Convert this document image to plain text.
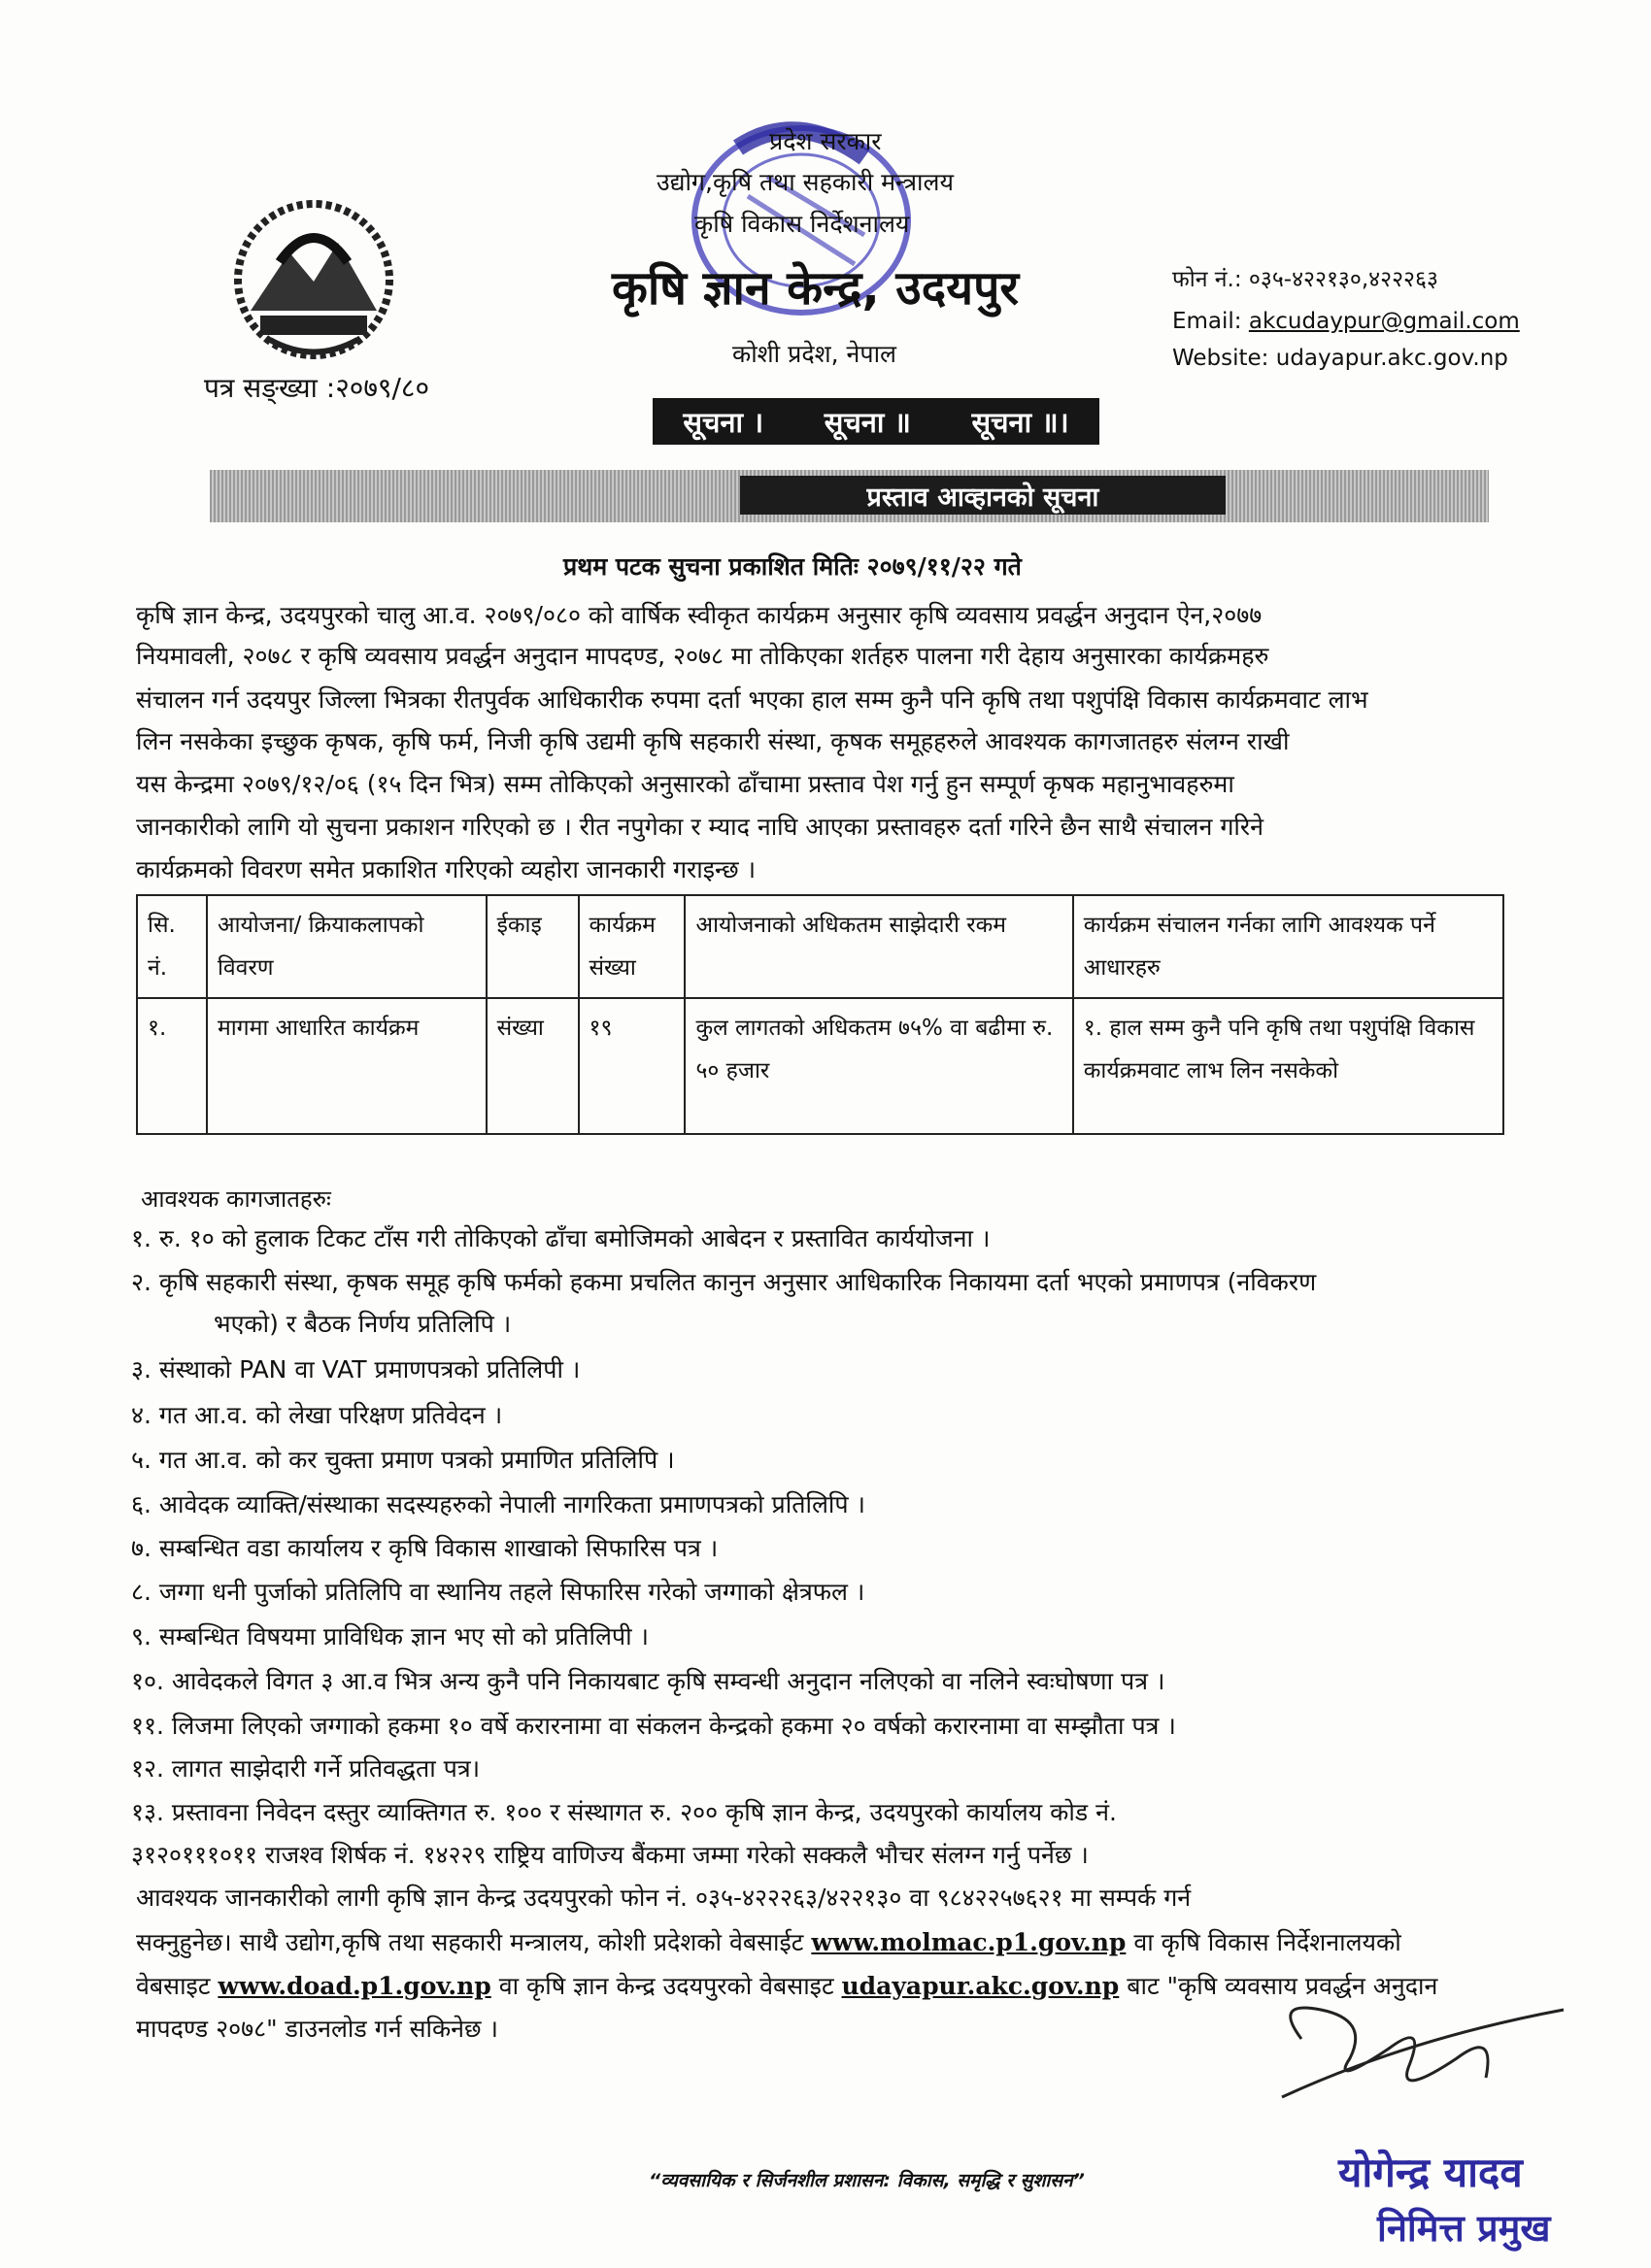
प्रदेश सरकार
उद्योग,कृषि तथा सहकारी मन्त्रालय
कृषि विकास निर्देशनालय
कृषि ज्ञान केन्द्र, उदयपुर
कोशी प्रदेश, नेपाल
पत्र सङ्ख्या :२०७९/८०
फोन नं.: ०३५-४२२१३०,४२२२६३
Email: akcudaypur@gmail.com
Website: udayapur.akc.gov.np
सूचना । सूचना ॥ सूचना ॥।
प्रस्ताव आव्हानको सूचना
प्रथम पटक सुचना प्रकाशित मितिः २०७९/११/२२ गते
कृषि ज्ञान केन्द्र, उदयपुरको चालु आ.व. २०७९/०८० को वार्षिक स्वीकृत कार्यक्रम अनुसार कृषि व्यवसाय प्रवर्द्धन अनुदान ऐन,२०७७
नियमावली, २०७८ र कृषि व्यवसाय प्रवर्द्धन अनुदान मापदण्ड, २०७८ मा तोकिएका शर्तहरु पालना गरी देहाय अनुसारका कार्यक्रमहरु
संचालन गर्न उदयपुर जिल्ला भित्रका रीतपुर्वक आधिकारीक रुपमा दर्ता भएका हाल सम्म कुनै पनि कृषि तथा पशुपंक्षि विकास कार्यक्रमवाट लाभ
लिन नसकेका इच्छुक कृषक, कृषि फर्म, निजी कृषि उद्यमी कृषि सहकारी संस्था, कृषक समूहहरुले आवश्यक कागजातहरु संलग्न राखी
यस केन्द्रमा २०७९/१२/०६ (१५ दिन भित्र) सम्म तोकिएको अनुसारको ढाँचामा प्रस्ताव पेश गर्नु हुन सम्पूर्ण कृषक महानुभावहरुमा
जानकारीको लागि यो सुचना प्रकाशन गरिएको छ । रीत नपुगेका र म्याद नाघि आएका प्रस्तावहरु दर्ता गरिने छैन साथै संचालन गरिने
कार्यक्रमको विवरण समेत प्रकाशित गरिएको व्यहोरा जानकारी गराइन्छ ।
सि. नं.	आयोजना/ क्रियाकलापको विवरण	ईकाइ	कार्यक्रम संख्या	आयोजनाको अधिकतम साझेदारी रकम	कार्यक्रम संचालन गर्नका लागि आवश्यक पर्ने आधारहरु
१.	मागमा आधारित कार्यक्रम	संख्या	१९	कुल लागतको अधिकतम ७५% वा बढीमा रु. ५० हजार	१. हाल सम्म कुनै पनि कृषि तथा पशुपंक्षि विकास कार्यक्रमवाट लाभ लिन नसकेको
आवश्यक कागजातहरुः
१. रु. १० को हुलाक टिकट टाँस गरी तोकिएको ढाँचा बमोजिमको आबेदन र प्रस्तावित कार्ययोजना ।
२. कृषि सहकारी संस्था, कृषक समूह कृषि फर्मको हकमा प्रचलित कानुन अनुसार आधिकारिक निकायमा दर्ता भएको प्रमाणपत्र (नविकरण
भएको) र बैठक निर्णय प्रतिलिपि ।
३. संस्थाको PAN वा VAT प्रमाणपत्रको प्रतिलिपी ।
४. गत आ.व. को लेखा परिक्षण प्रतिवेदन ।
५. गत आ.व. को कर चुक्ता प्रमाण पत्रको प्रमाणित प्रतिलिपि ।
६. आवेदक व्याक्ति/संस्थाका सदस्यहरुको नेपाली नागरिकता प्रमाणपत्रको प्रतिलिपि ।
७. सम्बन्धित वडा कार्यालय र कृषि विकास शाखाको सिफारिस पत्र ।
८. जग्गा धनी पुर्जाको प्रतिलिपि वा स्थानिय तहले सिफारिस गरेको जग्गाको क्षेत्रफल ।
९. सम्बन्धित विषयमा प्राविधिक ज्ञान भए सो को प्रतिलिपी ।
१०. आवेदकले विगत ३ आ.व भित्र अन्य कुनै पनि निकायबाट कृषि सम्वन्धी अनुदान नलिएको वा नलिने स्वःघोषणा पत्र ।
११. लिजमा लिएको जग्गाको हकमा १० वर्षे करारनामा वा संकलन केन्द्रको हकमा २० वर्षको करारनामा वा सम्झौता पत्र ।
१२. लागत साझेदारी गर्ने प्रतिवद्धता पत्र।
१३. प्रस्तावना निवेदन दस्तुर व्याक्तिगत रु. १०० र संस्थागत रु. २०० कृषि ज्ञान केन्द्र, उदयपुरको कार्यालय कोड नं.
३१२०१११०११ राजश्व शिर्षक नं. १४२२९ राष्ट्रिय वाणिज्य बैंकमा जम्मा गरेको सक्कलै भौचर संलग्न गर्नु पर्नेछ ।
आवश्यक जानकारीको लागी कृषि ज्ञान केन्द्र उदयपुरको फोन नं. ०३५-४२२२६३/४२२१३० वा ९८४२२५७६२१ मा सम्पर्क गर्न
सक्नुहुनेछ। साथै उद्योग,कृषि तथा सहकारी मन्त्रालय, कोशी प्रदेशको वेबसाईट www.molmac.p1.gov.np वा कृषि विकास निर्देशनालयको
वेबसाइट www.doad.p1.gov.np वा कृषि ज्ञान केन्द्र उदयपुरको वेबसाइट udayapur.akc.gov.np बाट "कृषि व्यवसाय प्रवर्द्धन अनुदान
मापदण्ड २०७८" डाउनलोड गर्न सकिनेछ ।
“व्यवसायिक र सिर्जनशील प्रशासन: विकास, समृद्धि र सुशासन”	योगेन्द्र यादव
निमित्त प्रमुख
